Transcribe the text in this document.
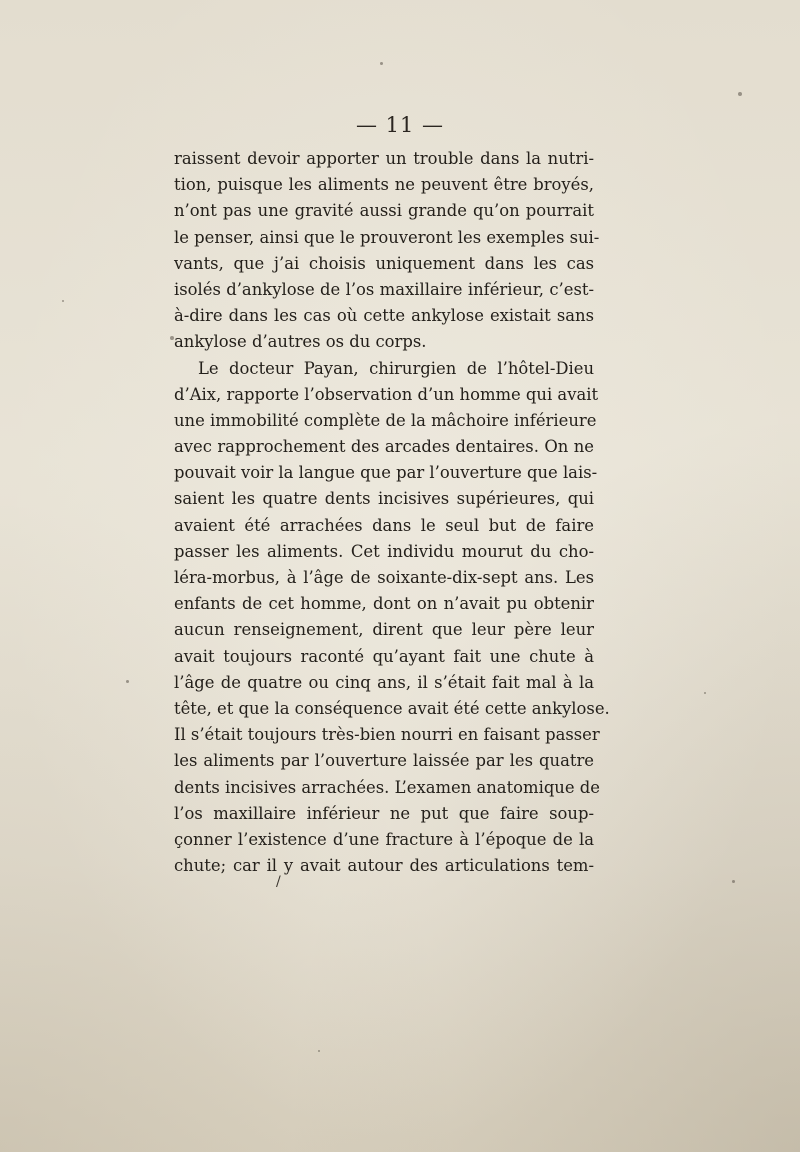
— 11 —
raissent devoir apporter un trouble dans la nutri-
tion, puisque les aliments ne peuvent être broyés,
n’ont pas une gravité aussi grande qu’on pourrait
le penser, ainsi que le prouveront les exemples sui-
vants, que j’ai choisis uniquement dans les cas
isolés d’ankylose de l’os maxillaire inférieur, c’est-
à-dire dans les cas où cette ankylose existait sans
ankylose d’autres os du corps.
Le docteur Payan, chirurgien de l’hôtel-Dieu
d’Aix, rapporte l’observation d’un homme qui avait
une immobilité complète de la mâchoire inférieure
avec rapprochement des arcades dentaires. On ne
pouvait voir la langue que par l’ouverture que lais-
saient les quatre dents incisives supérieures, qui
avaient été arrachées dans le seul but de faire
passer les aliments. Cet individu mourut du cho-
léra-morbus, à l’âge de soixante-dix-sept ans. Les
enfants de cet homme, dont on n’avait pu obtenir
aucun renseignement, dirent que leur père leur
avait toujours raconté qu’ayant fait une chute à
l’âge de quatre ou cinq ans, il s’était fait mal à la
tête, et que la conséquence avait été cette ankylose.
Il s’était toujours très-bien nourri en faisant passer
les aliments par l’ouverture laissée par les quatre
dents incisives arrachées. L’examen anatomique de
l’os maxillaire inférieur ne put que faire soup-
çonner l’existence d’une fracture à l’époque de la
chute; car il y avait autour des articulations tem-
/
